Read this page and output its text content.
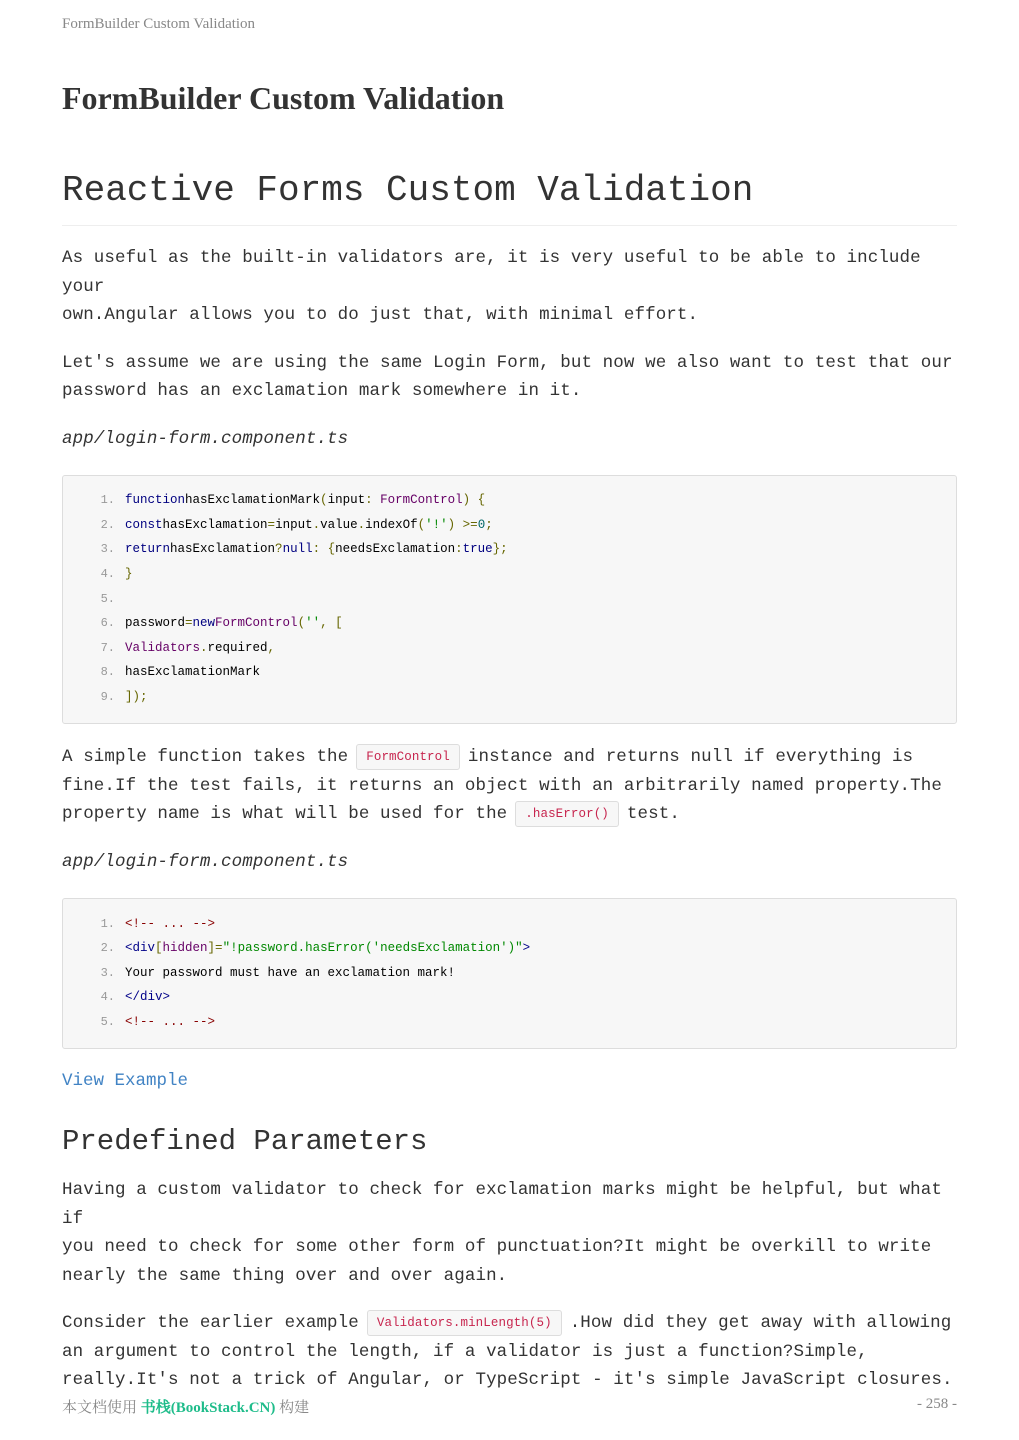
FormBuilder Custom Validation
FormBuilder Custom Validation
Reactive Forms Custom Validation

As useful as the built-in validators are, it is very useful to be able to include your
own.Angular allows you to do just that, with minimal effort.

Let's assume we are using the same Login Form, but now we also want to test that our
password has an exclamation mark somewhere in it.

app/login-form.component.ts

1. function hasExclamationMark ( input : FormControl ) {
2. const hasExclamation = input . value . indexOf ( '!' ) >= 0 ;
3. return hasExclamation ? null : { needsExclamation : true };
4. }
5.
6. password = new FormControl ( '' , [
7. Validators . required ,
8. hasExclamationMark
9. ]);

A simple function takes the FormControl instance and returns null if everything is
fine.If the test fails, it returns an object with an arbitrarily named property.The
property name is what will be used for the .hasError() test.

app/login-form.component.ts

1. <!-- ... -->
2. <div [ hidden ]= "!password.hasError('needsExclamation')" >
3. Your password must have an exclamation mark!
4. </div>
5. <!-- ... -->
View Example
Predefined Parameters

Having a custom validator to check for exclamation marks might be helpful, but what if
you need to check for some other form of punctuation?It might be overkill to write
nearly the same thing over and over again.

Consider the earlier example Validators.minLength(5) .How did they get away with allowing
an argument to control the length, if a validator is just a function?Simple,
really.It's not a trick of Angular, or TypeScript - it's simple JavaScript closures.

本文档使用 书栈(BookStack.CN) 构建	- 258 -
